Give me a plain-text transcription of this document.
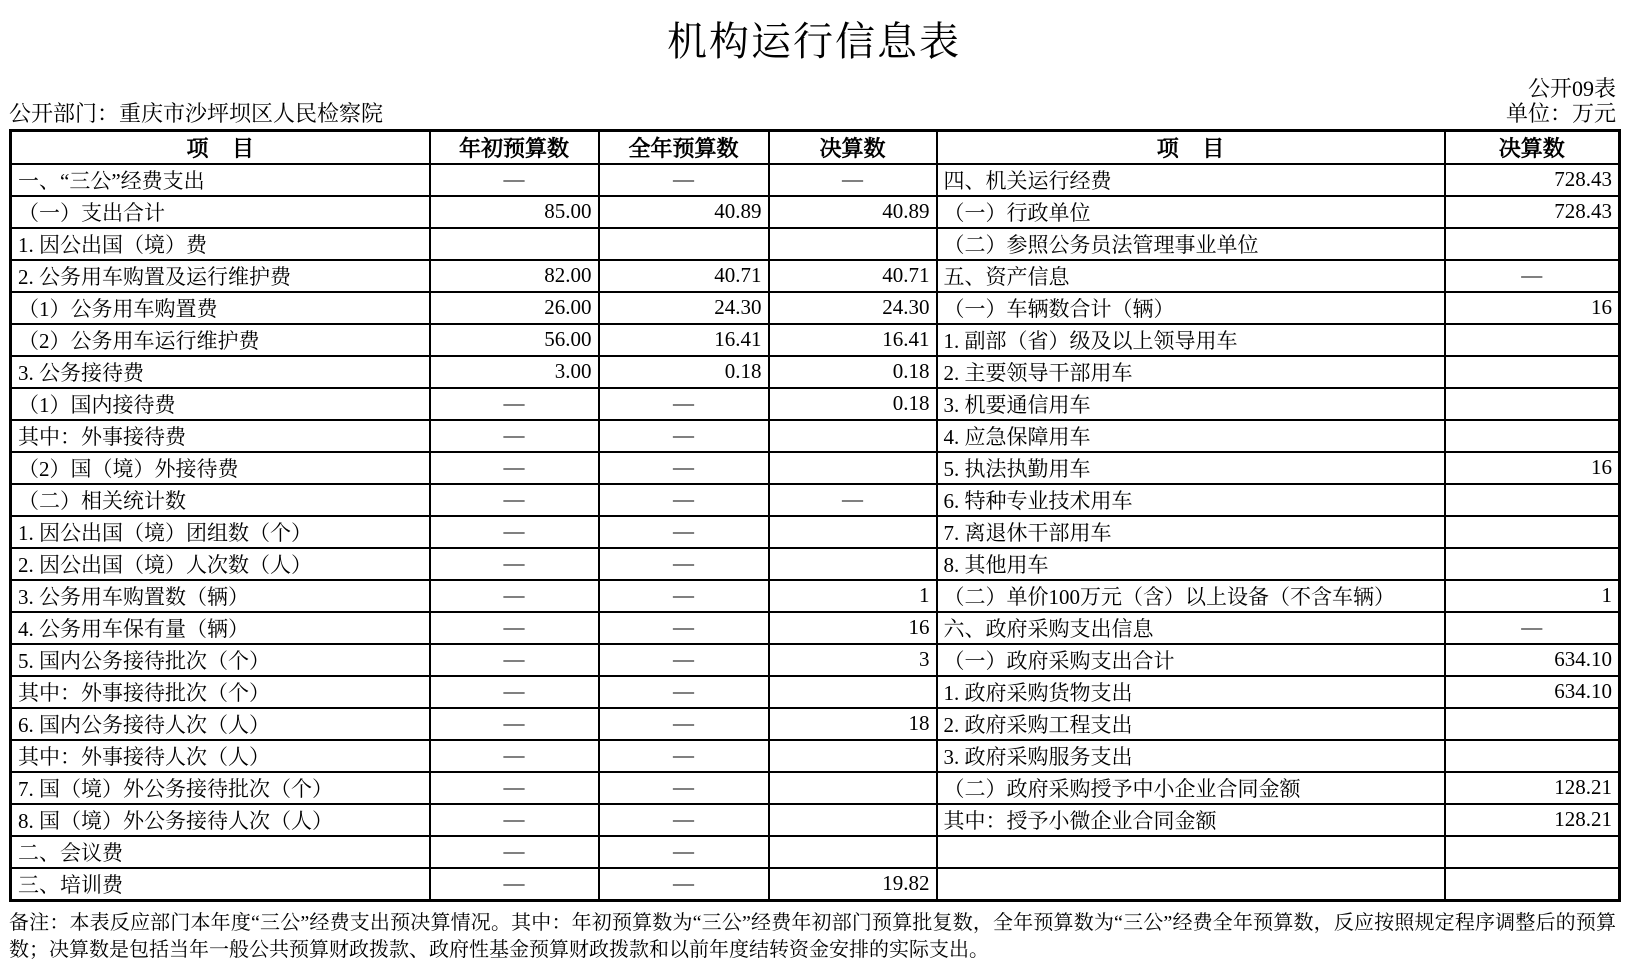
机构运行信息表
公开09表
公开部门：重庆市沙坪坝区人民检察院	单位：万元
项 目	年初预算数	全年预算数	决算数	项 目	决算数
一、“三公”经费支出	—	—	—	四、机关运行经费	728.43
（一）支出合计	85.00	40.89	40.89	（一）行政单位	728.43
1. 因公出国（境）费				（二）参照公务员法管理事业单位	
2. 公务用车购置及运行维护费	82.00	40.71	40.71	五、资产信息	—
（1）公务用车购置费	26.00	24.30	24.30	（一）车辆数合计（辆）	16
（2）公务用车运行维护费	56.00	16.41	16.41	1. 副部（省）级及以上领导用车	
3. 公务接待费	3.00	0.18	0.18	2. 主要领导干部用车	
（1）国内接待费	—	—	0.18	3. 机要通信用车	
其中：外事接待费	—	—		4. 应急保障用车	
（2）国（境）外接待费	—	—		5. 执法执勤用车	16
（二）相关统计数	—	—	—	6. 特种专业技术用车	
1. 因公出国（境）团组数（个）	—	—		7. 离退休干部用车	
2. 因公出国（境）人次数（人）	—	—		8. 其他用车	
3. 公务用车购置数（辆）	—	—	1	（二）单价100万元（含）以上设备（不含车辆）	1
4. 公务用车保有量（辆）	—	—	16	六、政府采购支出信息	—
5. 国内公务接待批次（个）	—	—	3	（一）政府采购支出合计	634.10
其中：外事接待批次（个）	—	—		1. 政府采购货物支出	634.10
6. 国内公务接待人次（人）	—	—	18	2. 政府采购工程支出	
其中：外事接待人次（人）	—	—		3. 政府采购服务支出	
7. 国（境）外公务接待批次（个）	—	—		（二）政府采购授予中小企业合同金额	128.21
8. 国（境）外公务接待人次（人）	—	—		其中：授予小微企业合同金额	128.21
二、会议费	—	—			
三、培训费	—	—	19.82		
备注：本表反应部门本年度“三公”经费支出预决算情况。其中：年初预算数为“三公”经费年初部门预算批复数，全年预算数为“三公”经费全年预算数，反应按照规定程序调整后的预算数；决算数是包括当年一般公共预算财政拨款、政府性基金预算财政拨款和以前年度结转资金安排的实际支出。
